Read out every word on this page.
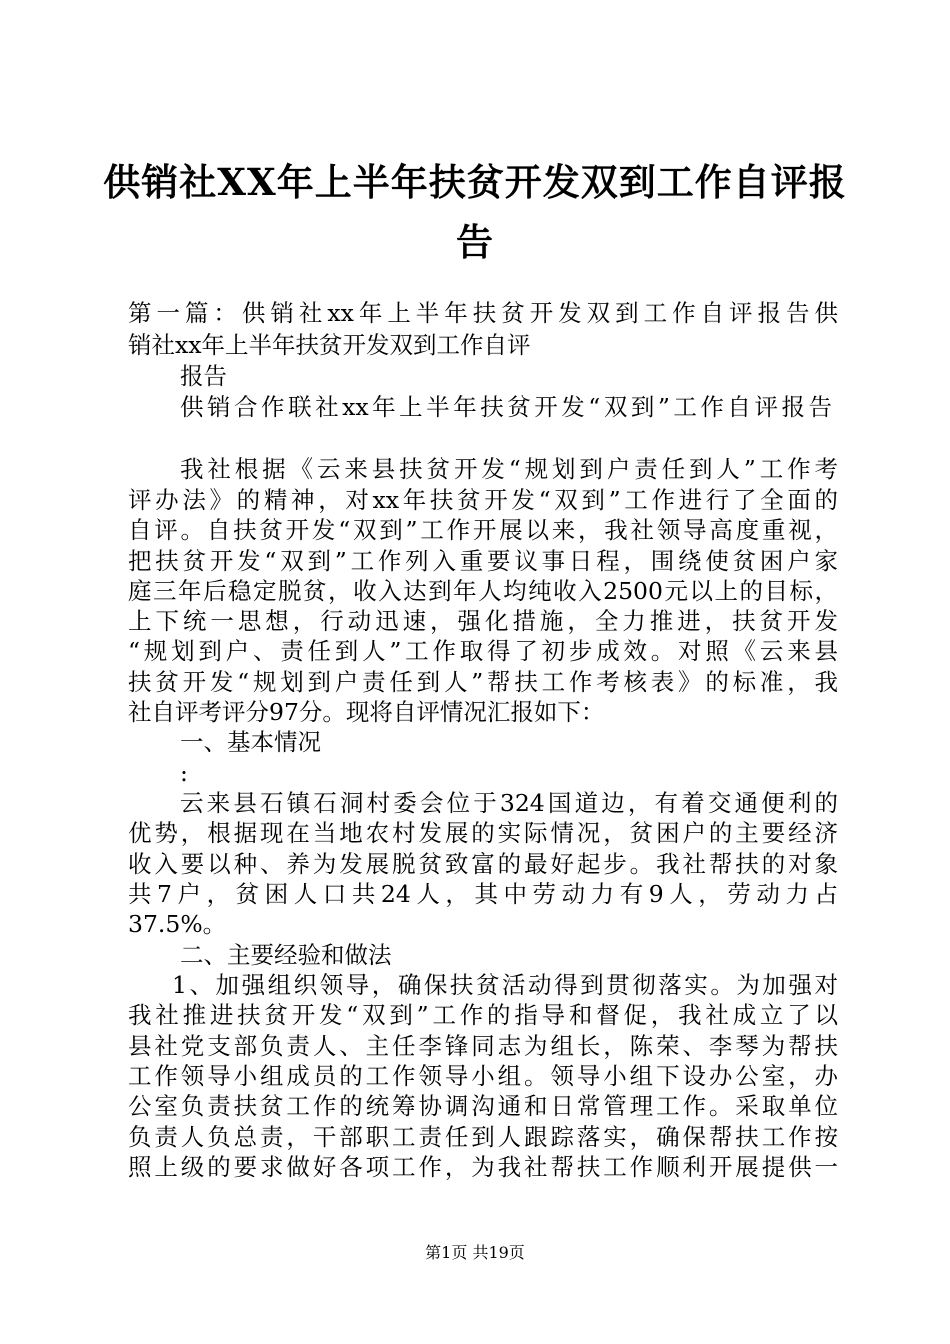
供销社XX年上半年扶贫开发双到工作自评报
告
第一篇：供销社xx年上半年扶贫开发双到工作自评报告供
销社xx年上半年扶贫开发双到工作自评
报告
供销合作联社xx年上半年扶贫开发“双到”工作自评报告
我社根据《云来县扶贫开发“规划到户责任到人”工作考
评办法》的精神，对xx年扶贫开发“双到”工作进行了全面的
自评。自扶贫开发“双到”工作开展以来，我社领导高度重视，
把扶贫开发“双到”工作列入重要议事日程，围绕使贫困户家
庭三年后稳定脱贫，收入达到年人均纯收入2500元以上的目标，
上下统一思想，行动迅速，强化措施，全力推进，扶贫开发
“规划到户、责任到人”工作取得了初步成效。对照《云来县
扶贫开发“规划到户责任到人”帮扶工作考核表》的标准，我
社自评考评分97分。现将自评情况汇报如下：
一、基本情况
:
云来县石镇石洞村委会位于324国道边，有着交通便利的
优势，根据现在当地农村发展的实际情况，贫困户的主要经济
收入要以种、养为发展脱贫致富的最好起步。我社帮扶的对象
共7户，贫困人口共24人，其中劳动力有9人，劳动力占
37.5%。
二、主要经验和做法
1、加强组织领导，确保扶贫活动得到贯彻落实。为加强对
我社推进扶贫开发“双到”工作的指导和督促，我社成立了以
县社党支部负责人、主任李锋同志为组长，陈荣、李琴为帮扶
工作领导小组成员的工作领导小组。领导小组下设办公室，办
公室负责扶贫工作的统筹协调沟通和日常管理工作。采取单位
负责人负总责，干部职工责任到人跟踪落实，确保帮扶工作按
照上级的要求做好各项工作，为我社帮扶工作顺利开展提供一
第1页 共19页
